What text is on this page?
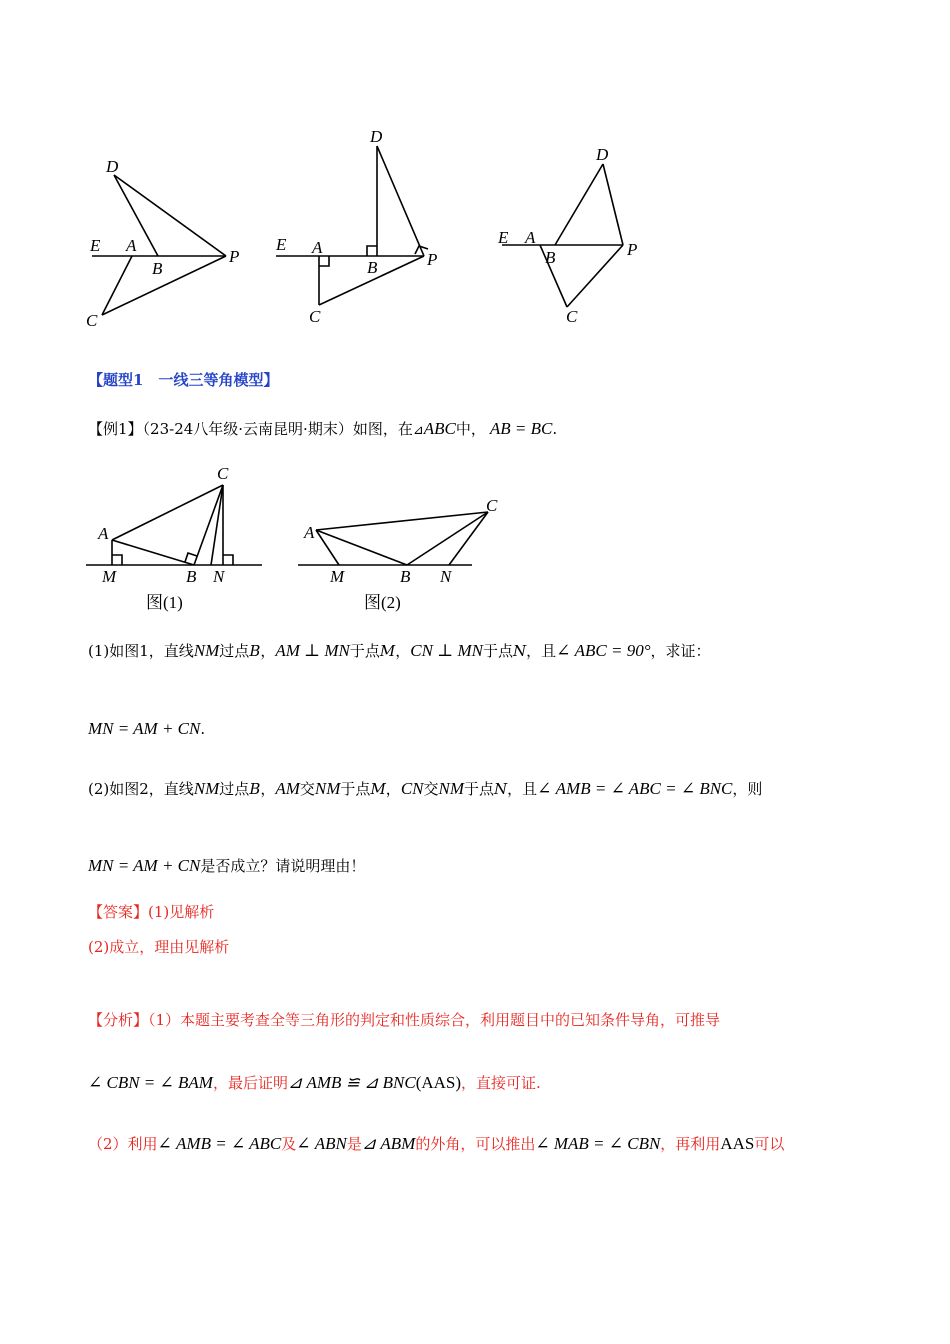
D
E A
B
P
C
D
E A
B	P
C
D
E A
B	P
C
【题型1　一线三等角模型】
【例1】（23-24八年级·云南昆明·期末）如图，在⊿ABC中， AB = BC.
C
A
M	B N
图(1)
C
A
M	B N
图(2)
(1)如图1，直线NM过点B，AM ⊥ MN于点M，CN ⊥ MN于点N，且∠ ABC = 90°，求证：
MN = AM + CN.
(2)如图2，直线NM过点B，AM交NM于点M，CN交NM于点N，且∠ AMB = ∠ ABC = ∠ BNC，则
MN = AM + CN是否成立？请说明理由！
【答案】(1)见解析
(2)成立，理由见解析
【分析】（1）本题主要考查全等三角形的判定和性质综合，利用题目中的已知条件导角，可推导
∠ CBN = ∠ BAM，最后证明⊿ AMB ≌ ⊿ BNC(AAS)，直接可证.
（2）利用∠ AMB = ∠ ABC及∠ ABN是⊿ ABM的外角，可以推出∠ MAB = ∠ CBN，再利用AAS可以
